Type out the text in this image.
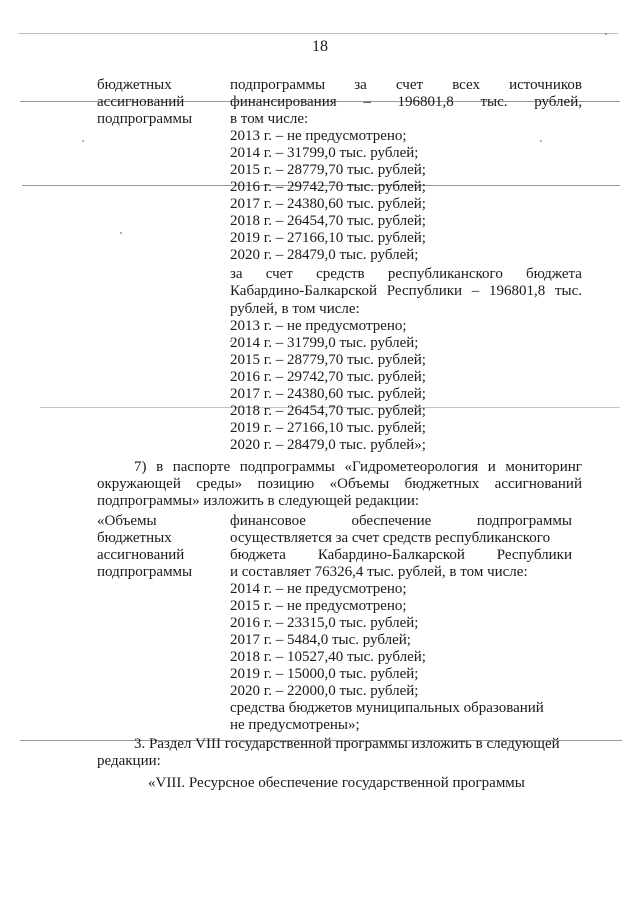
18
бюджетных
ассигнований
подпрограммы
подпрограммы за счет всех источников
финансирования – 196801,8 тыс. рублей,
в том числе:
2013 г. – не предусмотрено;
2014 г. – 31799,0 тыс. рублей;
2015 г. – 28779,70 тыс. рублей;
2016 г. – 29742,70 тыс. рублей;
2017 г. – 24380,60 тыс. рублей;
2018 г. – 26454,70 тыс. рублей;
2019 г. – 27166,10 тыс. рублей;
2020 г. – 28479,0 тыс. рублей;
за счет средств республиканского бюджета
Кабардино-Балкарской Республики – 196801,8 тыс.
рублей, в том числе:
2013 г. – не предусмотрено;
2014 г. – 31799,0 тыс. рублей;
2015 г. – 28779,70 тыс. рублей;
2016 г. – 29742,70 тыс. рублей;
2017 г. – 24380,60 тыс. рублей;
2018 г. – 26454,70 тыс. рублей;
2019 г. – 27166,10 тыс. рублей;
2020 г. – 28479,0 тыс. рублей»;
7) в паспорте подпрограммы «Гидрометеорология и мониторинг
окружающей среды» позицию «Объемы бюджетных ассигнований
подпрограммы» изложить в следующей редакции:
«Объемы
бюджетных
ассигнований
подпрограммы
финансовое	обеспечение	подпрограммы
осуществляется за счет средств республиканского
бюджета Кабардино-Балкарской Республики
и составляет 76326,4 тыс. рублей, в том числе:
2014 г. – не предусмотрено;
2015 г. – не предусмотрено;
2016 г. – 23315,0 тыс. рублей;
2017 г. – 5484,0 тыс. рублей;
2018 г. – 10527,40 тыс. рублей;
2019 г. – 15000,0 тыс. рублей;
2020 г. – 22000,0 тыс. рублей;
средства бюджетов муниципальных образований
не предусмотрены»;
3. Раздел VIII государственной программы изложить в следующей
редакции:
«VIII. Ресурсное обеспечение государственной программы
